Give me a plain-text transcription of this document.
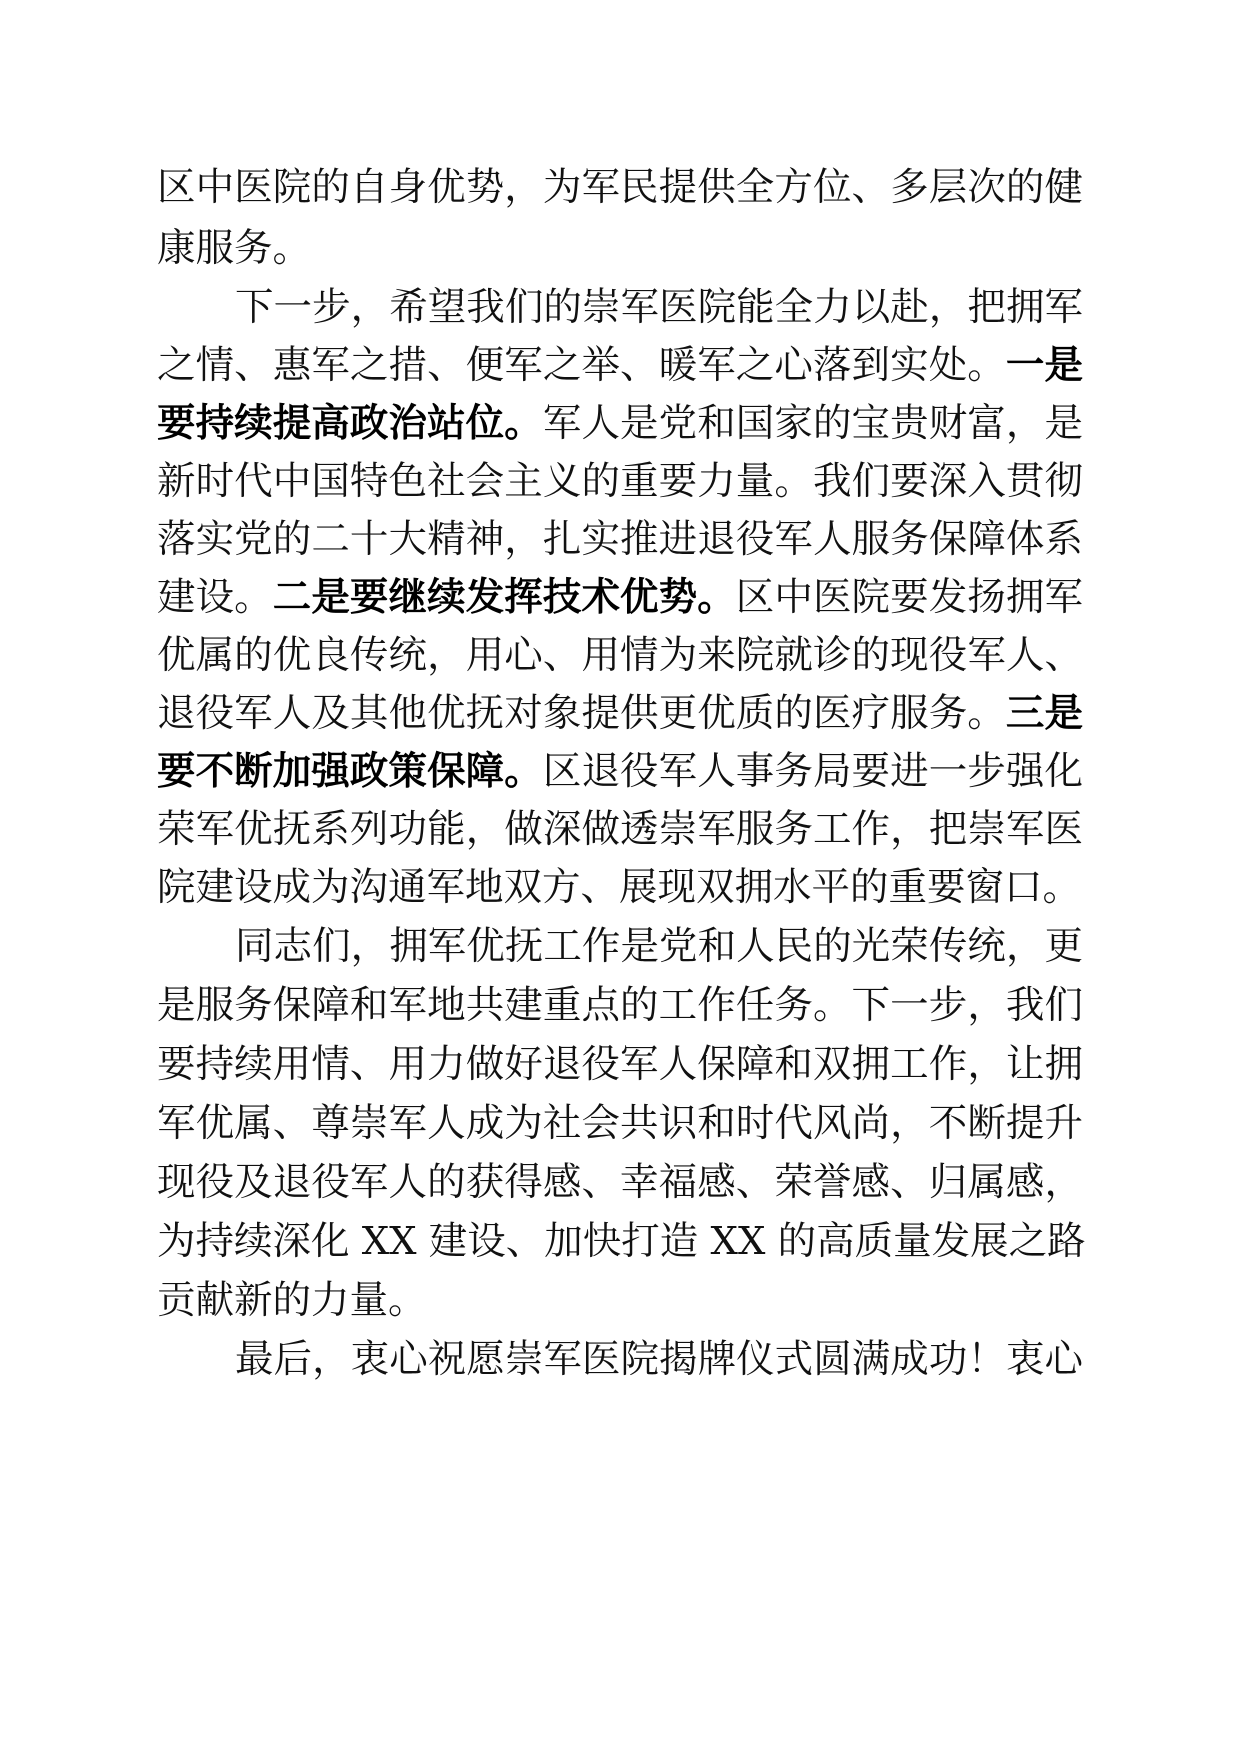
区中医院的自身优势，为军民提供全方位、多层次的健
康服务。
下一步，希望我们的崇军医院能全力以赴，把拥军
之情、惠军之措、便军之举、暖军之心落到实处。一是
要持续提高政治站位。军人是党和国家的宝贵财富，是
新时代中国特色社会主义的重要力量。我们要深入贯彻
落实党的二十大精神，扎实推进退役军人服务保障体系
建设。二是要继续发挥技术优势。区中医院要发扬拥军
优属的优良传统，用心、用情为来院就诊的现役军人、
退役军人及其他优抚对象提供更优质的医疗服务。三是
要不断加强政策保障。区退役军人事务局要进一步强化
荣军优抚系列功能，做深做透崇军服务工作，把崇军医
院建设成为沟通军地双方、展现双拥水平的重要窗口。
同志们，拥军优抚工作是党和人民的光荣传统，更
是服务保障和军地共建重点的工作任务。下一步，我们
要持续用情、用力做好退役军人保障和双拥工作，让拥
军优属、尊崇军人成为社会共识和时代风尚，不断提升
现役及退役军人的获得感、幸福感、荣誉感、归属感，
为持续深化 XX 建设、加快打造 XX 的高质量发展之路
贡献新的力量。
最后，衷心祝愿崇军医院揭牌仪式圆满成功！衷心
